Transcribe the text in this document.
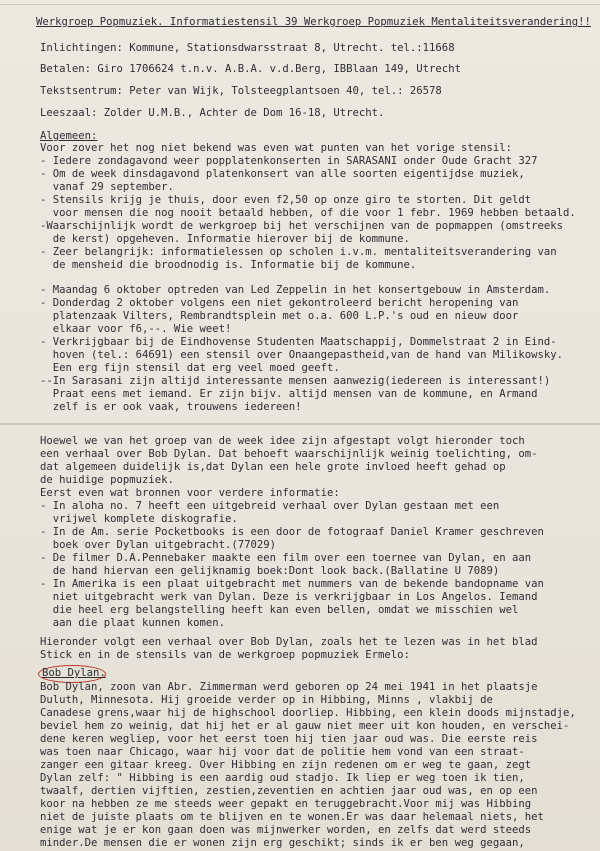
Werkgroep Popmuziek. Informatiestensil 39 Werkgroep Popmuziek Mentaliteitsverandering!!
Inlichtingen: Kommune, Stationsdwarsstraat 8, Utrecht. tel.:11668
Betalen: Giro 1706624 t.n.v. A.B.A. v.d.Berg, IBBlaan 149, Utrecht
Tekstsentrum: Peter van Wijk, Tolsteegplantsoen 40, tel.: 26578
Leeszaal: Zolder U.M.B., Achter de Dom 16-18, Utrecht.
Algemeen:
Voor zover het nog niet bekend was even wat punten van het vorige stensil:
- Iedere zondagavond weer popplatenkonserten in SARASANI onder Oude Gracht 327
- Om de week dinsdagavond platenkonsert van alle soorten eigentijdse muziek,
vanaf 29 september.
- Stensils krijg je thuis, door even f2,50 op onze giro te storten. Dit geldt
voor mensen die nog nooit betaald hebben, of die voor 1 febr. 1969 hebben betaald.
-Waarschijnlijk wordt de werkgroep bij het verschijnen van de popmappen (omstreeks
de kerst) opgeheven. Informatie hierover bij de kommune.
- Zeer belangrijk: informatielessen op scholen i.v.m. mentaliteitsverandering van
de mensheid die broodnodig is. Informatie bij de kommune.
- Maandag 6 oktober optreden van Led Zeppelin in het konsertgebouw in Amsterdam.
- Donderdag 2 oktober volgens een niet gekontroleerd bericht heropening van
platenzaak Vilters, Rembrandtsplein met o.a. 600 L.P.'s oud en nieuw door
elkaar voor f6,--. Wie weet!
- Verkrijgbaar bij de Eindhovense Studenten Maatschappij, Dommelstraat 2 in Eind-
hoven (tel.: 64691) een stensil over Onaangepastheid,van de hand van Milikowsky.
Een erg fijn stensil dat erg veel moed geeft.
--In Sarasani zijn altijd interessante mensen aanwezig(iedereen is interessant!)
Praat eens met iemand. Er zijn bijv. altijd mensen van de kommune, en Armand
zelf is er ook vaak, trouwens iedereen!
Hoewel we van het groep van de week idee zijn afgestapt volgt hieronder toch
een verhaal over Bob Dylan. Dat behoeft waarschijnlijk weinig toelichting, om-
dat algemeen duidelijk is,dat Dylan een hele grote invloed heeft gehad op
de huidige popmuziek.
Eerst even wat bronnen voor verdere informatie:
- In aloha no. 7 heeft een uitgebreid verhaal over Dylan gestaan met een
vrijwel komplete diskografie.
- In de Am. serie Pocketbooks is een door de fotograaf Daniel Kramer geschreven
boek over Dylan uitgebracht.(77029)
- De filmer D.A.Pennebaker maakte een film over een toernee van Dylan, en aan
de hand hiervan een gelijknamig boek:Dont look back.(Ballatine U 7089)
- In Amerika is een plaat uitgebracht met nummers van de bekende bandopname van
niet uitgebracht werk van Dylan. Deze is verkrijgbaar in Los Angelos. Iemand
die heel erg belangstelling heeft kan even bellen, omdat we misschien wel
aan die plaat kunnen komen.
Hieronder volgt een verhaal over Bob Dylan, zoals het te lezen was in het blad
Stick en in de stensils van de werkgroep popmuziek Ermelo:
Bob Dylan.
Bob Dylan, zoon van Abr. Zimmerman werd geboren op 24 mei 1941 in het plaatsje
Duluth, Minnesota. Hij groeide verder op in Hibbing, Minns , vlakbij de
Canadese grens,waar hij de highschool doorliep. Hibbing, een klein doods mijnstadje,
beviel hem zo weinig, dat hij het er al gauw niet meer uit kon houden, en verschei-
dene keren wegliep, voor het eerst toen hij tien jaar oud was. Die eerste reis
was toen naar Chicago, waar hij voor dat de politie hem vond van een straat-
zanger een gitaar kreeg. Over Hibbing en zijn redenen om er weg te gaan, zegt
Dylan zelf: " Hibbing is een aardig oud stadjo. Ik liep er weg toen ik tien,
twaalf, dertien vijftien, zestien,zeventien en achtien jaar oud was, en op een
koor na hebben ze me steeds weer gepakt en teruggebracht.Voor mij was Hibbing
niet de juiste plaats om te blijven en te wonen.Er was daar helemaal niets, het
enige wat je er kon gaan doen was mijnwerker worden, en zelfs dat werd steeds
minder.De mensen die er wonen zijn erg geschikt; sinds ik er ben weg gegaan,
